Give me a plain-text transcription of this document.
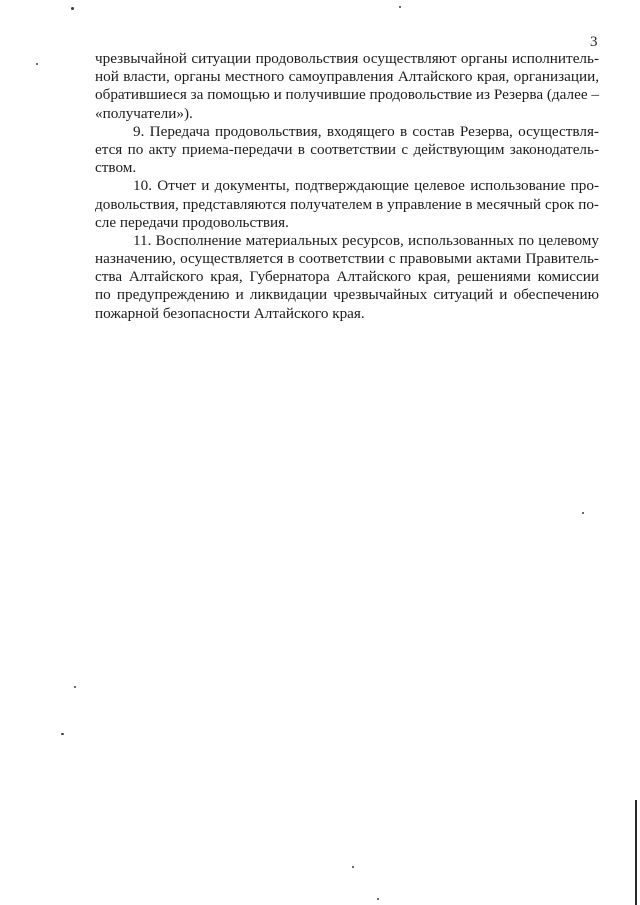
3
чрезвычайной ситуации продовольствия осуществляют органы исполнитель-
ной власти, органы местного самоуправления Алтайского края, организации,
обратившиеся за помощью и получившие продовольствие из Резерва (далее –
«получатели»).
9. Передача продовольствия, входящего в состав Резерва, осуществля-
ется по акту приема-передачи в соответствии с действующим законодатель-
ством.
10. Отчет и документы, подтверждающие целевое использование про-
довольствия, представляются получателем в управление в месячный срок по-
сле передачи продовольствия.
11. Восполнение материальных ресурсов, использованных по целевому
назначению, осуществляется в соответствии с правовыми актами Правитель-
ства Алтайского края, Губернатора Алтайского края, решениями комиссии
по предупреждению и ликвидации чрезвычайных ситуаций и обеспечению
пожарной безопасности Алтайского края.
